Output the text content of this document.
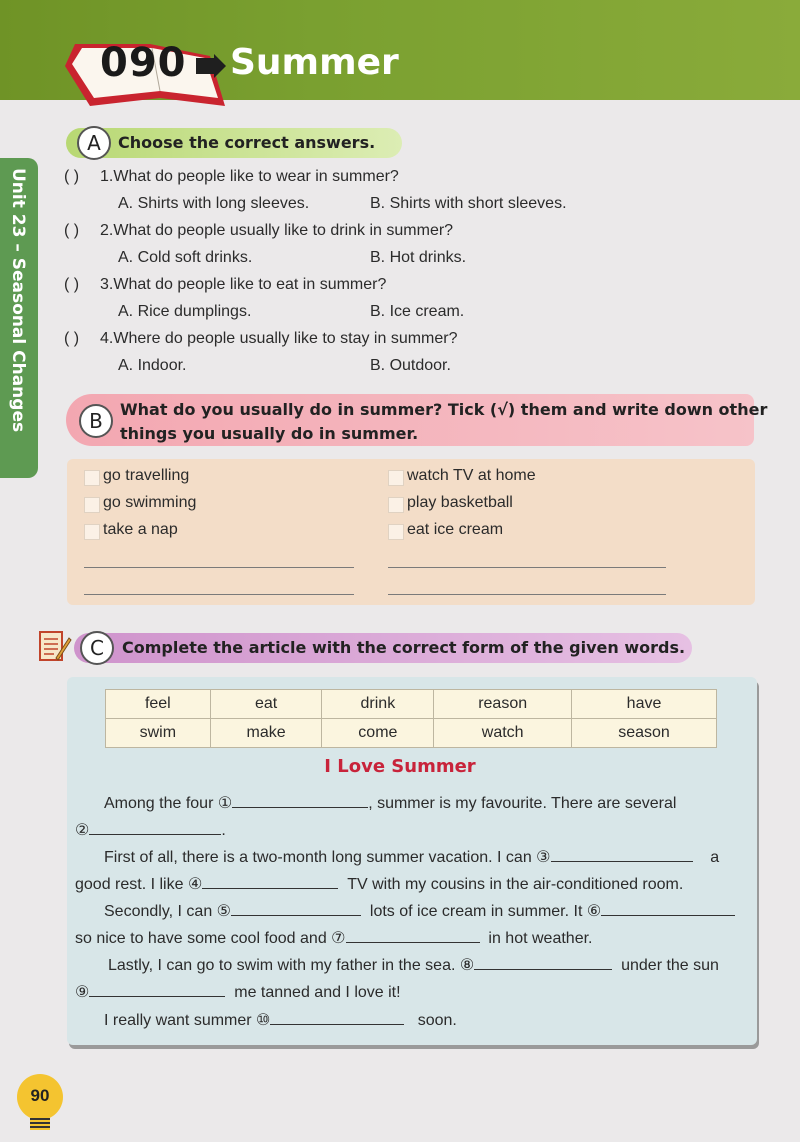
090 Summer
Unit 23 – Seasonal Changes
A	Choose the correct answers.
( ) 1.What do people like to wear in summer?
A. Shirts with long sleeves.	B. Shirts with short sleeves.
( ) 2.What do people usually like to drink in summer?
A. Cold soft drinks.	B. Hot drinks.
( ) 3.What do people like to eat in summer?
A. Rice dumplings.	B. Ice cream.
( ) 4.Where do people usually like to stay in summer?
A. Indoor.	B. Outdoor.
B	What do you usually do in summer? Tick (√) them and write down other
things you usually do in summer.
go travelling
go swimming
take a nap
watch TV at home
play basketball
eat ice cream
C	Complete the article with the correct form of the given words.
feel	eat	drink	reason	have
swim	make	come	watch	season
I Love Summer
Among the four ①	, summer is my favourite. There are several
②	.
First of all, there is a two-month long summer vacation. I can ③	a
good rest. I like ④	TV with my cousins in the air-conditioned room.
Secondly, I can ⑤	lots of ice cream in summer. It ⑥
so nice to have some cool food and ⑦	in hot weather.
Lastly, I can go to swim with my father in the sea. ⑧	under the sun
⑨	me tanned and I love it!
I really want summer ⑩	soon.
90
